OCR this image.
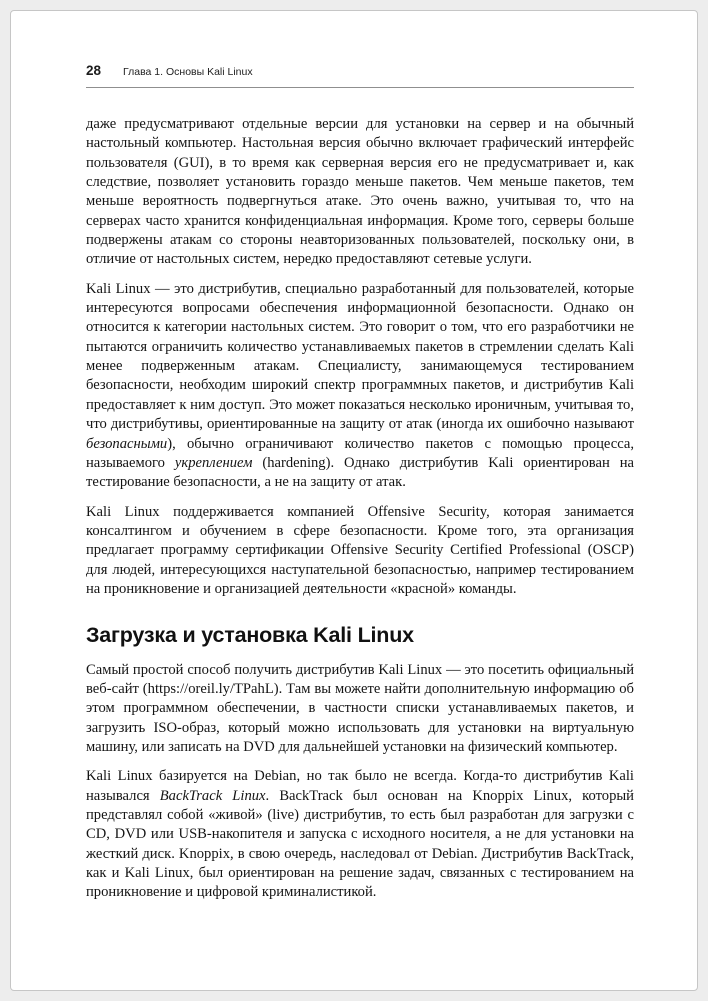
28 Глава 1. Основы Kali Linux

даже предусматривают отдельные версии для установки на сервер и на обычный настольный компьютер. Настольная версия обычно включает графический интерфейс пользователя (GUI), в то время как серверная версия его не предусматривает и, как следствие, позволяет установить гораздо меньше пакетов. Чем меньше пакетов, тем меньше вероятность подвергнуться атаке. Это очень важно, учитывая то, что на серверах часто хранится конфиденциальная информация. Кроме того, серверы больше подвержены атакам со стороны неавторизованных пользователей, поскольку они, в отличие от настольных систем, нередко предоставляют сетевые услуги.

Kali Linux — это дистрибутив, специально разработанный для пользователей, которые интересуются вопросами обеспечения информационной безопасности. Однако он относится к категории настольных систем. Это говорит о том, что его разработчики не пытаются ограничить количество устанавливаемых пакетов в стремлении сделать Kali менее подверженным атакам. Специалисту, занимающемуся тестированием безопасности, необходим широкий спектр программных пакетов, и дистрибутив Kali предоставляет к ним доступ. Это может показаться несколько ироничным, учитывая то, что дистрибутивы, ориентированные на защиту от атак (иногда их ошибочно называют безопасными), обычно ограничивают количество пакетов с помощью процесса, называемого укреплением (hardening). Однако дистрибутив Kali ориентирован на тестирование безопасности, а не на защиту от атак.

Kali Linux поддерживается компанией Offensive Security, которая занимается консалтингом и обучением в сфере безопасности. Кроме того, эта организация предлагает программу сертификации Offensive Security Certified Professional (OSCP) для людей, интересующихся наступательной безопасностью, например тестированием на проникновение и организацией деятельности «красной» команды.

Загрузка и установка Kali Linux

Самый простой способ получить дистрибутив Kali Linux — это посетить официальный веб-сайт (https://oreil.ly/TPahL). Там вы можете найти дополнительную информацию об этом программном обеспечении, в частности списки устанавливаемых пакетов, и загрузить ISO-образ, который можно использовать для установки на виртуальную машину, или записать на DVD для дальнейшей установки на физический компьютер.

Kali Linux базируется на Debian, но так было не всегда. Когда-то дистрибутив Kali назывался BackTrack Linux. BackTrack был основан на Knoppix Linux, который представлял собой «живой» (live) дистрибутив, то есть был разработан для загрузки с CD, DVD или USB-накопителя и запуска с исходного носителя, а не для установки на жесткий диск. Knoppix, в свою очередь, наследовал от Debian. Дистрибутив BackTrack, как и Kali Linux, был ориентирован на решение задач, связанных с тестированием на проникновение и цифровой криминалистикой.
